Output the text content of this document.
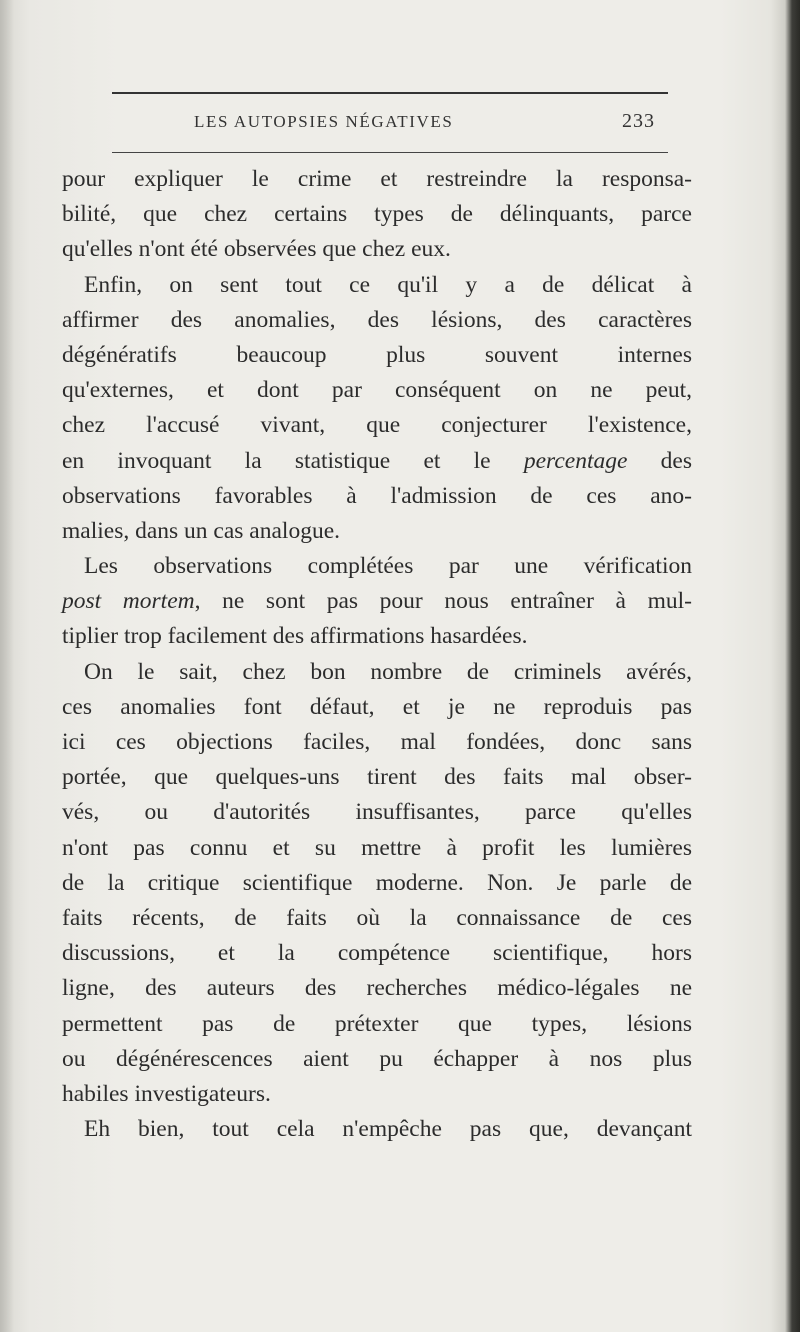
LES AUTOPSIES NÉGATIVES	233
pour expliquer le crime et restreindre la responsa-
bilité, que chez certains types de délinquants, parce
qu'elles n'ont été observées que chez eux.
Enfin, on sent tout ce qu'il y a de délicat à
affirmer des anomalies, des lésions, des caractères
dégénératifs beaucoup plus souvent internes
qu'externes, et dont par conséquent on ne peut,
chez l'accusé vivant, que conjecturer l'existence,
en invoquant la statistique et le percentage des
observations favorables à l'admission de ces ano-
malies, dans un cas analogue.
Les observations complétées par une vérification
post mortem, ne sont pas pour nous entraîner à mul-
tiplier trop facilement des affirmations hasardées.
On le sait, chez bon nombre de criminels avérés,
ces anomalies font défaut, et je ne reproduis pas
ici ces objections faciles, mal fondées, donc sans
portée, que quelques-uns tirent des faits mal obser-
vés, ou d'autorités insuffisantes, parce qu'elles
n'ont pas connu et su mettre à profit les lumières
de la critique scientifique moderne. Non. Je parle de
faits récents, de faits où la connaissance de ces
discussions, et la compétence scientifique, hors
ligne, des auteurs des recherches médico-légales ne
permettent pas de prétexter que types, lésions
ou dégénérescences aient pu échapper à nos plus
habiles investigateurs.
Eh bien, tout cela n'empêche pas que, devançant
